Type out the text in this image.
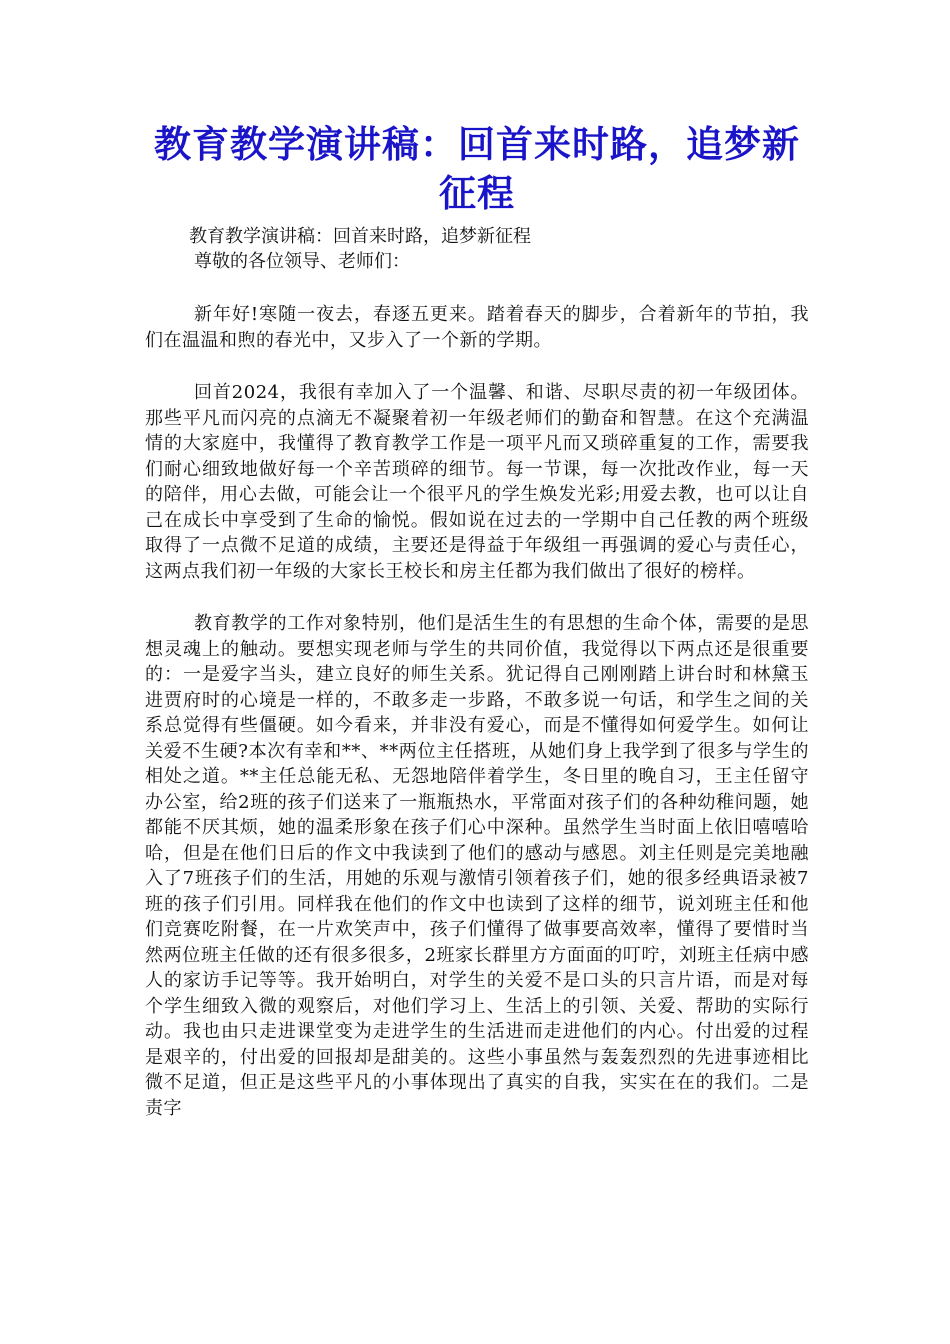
教育教学演讲稿：回首来时路，追梦新征程
教育教学演讲稿：回首来时路，追梦新征程
尊敬的各位领导、老师们：

新年好!寒随一夜去，春逐五更来。踏着春天的脚步，合着新年的节拍，我们在温温和煦的春光中，又步入了一个新的学期。

回首2024，我很有幸加入了一个温馨、和谐、尽职尽责的初一年级团体。那些平凡而闪亮的点滴无不凝聚着初一年级老师们的勤奋和智慧。在这个充满温情的大家庭中，我懂得了教育教学工作是一项平凡而又琐碎重复的工作，需要我们耐心细致地做好每一个辛苦琐碎的细节。每一节课，每一次批改作业，每一天的陪伴，用心去做，可能会让一个很平凡的学生焕发光彩;用爱去教，也可以让自己在成长中享受到了生命的愉悦。假如说在过去的一学期中自己任教的两个班级取得了一点微不足道的成绩，主要还是得益于年级组一再强调的爱心与责任心，这两点我们初一年级的大家长王校长和房主任都为我们做出了很好的榜样。

教育教学的工作对象特别，他们是活生生的有思想的生命个体，需要的是思想灵魂上的触动。要想实现老师与学生的共同价值，我觉得以下两点还是很重要的：一是爱字当头，建立良好的师生关系。犹记得自己刚刚踏上讲台时和林黛玉进贾府时的心境是一样的，不敢多走一步路，不敢多说一句话，和学生之间的关系总觉得有些僵硬。如今看来，并非没有爱心，而是不懂得如何爱学生。如何让关爱不生硬?本次有幸和**、**两位主任搭班，从她们身上我学到了很多与学生的相处之道。**主任总能无私、无怨地陪伴着学生，冬日里的晚自习，王主任留守办公室，给2班的孩子们送来了一瓶瓶热水，平常面对孩子们的各种幼稚问题，她都能不厌其烦，她的温柔形象在孩子们心中深种。虽然学生当时面上依旧嘻嘻哈哈，但是在他们日后的作文中我读到了他们的感动与感恩。刘主任则是完美地融入了7班孩子们的生活，用她的乐观与激情引领着孩子们，她的很多经典语录被7班的孩子们引用。同样我在他们的作文中也读到了这样的细节，说刘班主任和他们竞赛吃附餐，在一片欢笑声中，孩子们懂得了做事要高效率，懂得了要惜时当然两位班主任做的还有很多很多，2班家长群里方方面面的叮咛，刘班主任病中感人的家访手记等等。我开始明白，对学生的关爱不是口头的只言片语，而是对每个学生细致入微的观察后，对他们学习上、生活上的引领、关爱、帮助的实际行动。我也由只走进课堂变为走进学生的生活进而走进他们的内心。付出爱的过程是艰辛的，付出爱的回报却是甜美的。这些小事虽然与轰轰烈烈的先进事迹相比微不足道，但正是这些平凡的小事体现出了真实的自我，实实在在的我们。二是责字
